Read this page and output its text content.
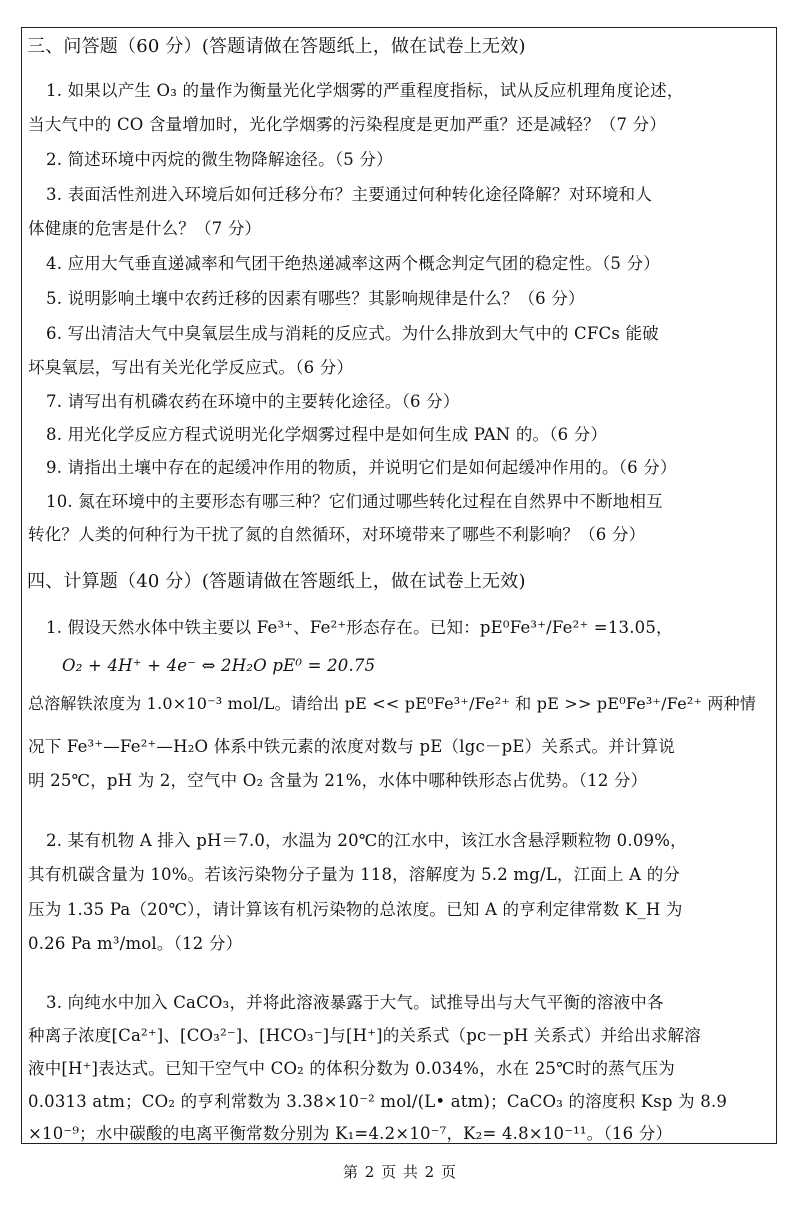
三、问答题（60 分）(答题请做在答题纸上，做在试卷上无效)
1. 如果以产生 O₃ 的量作为衡量光化学烟雾的严重程度指标，试从反应机理角度论述，
当大气中的 CO 含量增加时，光化学烟雾的污染程度是更加严重？还是减轻？（7 分）
2. 简述环境中丙烷的微生物降解途径。（5 分）
3. 表面活性剂进入环境后如何迁移分布？主要通过何种转化途径降解？对环境和人
体健康的危害是什么？（7 分）
4. 应用大气垂直递减率和气团干绝热递减率这两个概念判定气团的稳定性。（5 分）
5. 说明影响土壤中农药迁移的因素有哪些？其影响规律是什么？（6 分）
6. 写出清洁大气中臭氧层生成与消耗的反应式。为什么排放到大气中的 CFCs 能破
坏臭氧层，写出有关光化学反应式。（6 分）
7. 请写出有机磷农药在环境中的主要转化途径。（6 分）
8. 用光化学反应方程式说明光化学烟雾过程中是如何生成 PAN 的。（6 分）
9. 请指出土壤中存在的起缓冲作用的物质，并说明它们是如何起缓冲作用的。（6 分）
10. 氮在环境中的主要形态有哪三种？它们通过哪些转化过程在自然界中不断地相互
转化？人类的何种行为干扰了氮的自然循环，对环境带来了哪些不利影响？（6 分）
四、计算题（40 分）(答题请做在答题纸上，做在试卷上无效)
1. 假设天然水体中铁主要以 Fe³⁺、Fe²⁺形态存在。已知：pE⁰Fe³⁺/Fe²⁺ =13.05，
O₂ + 4H⁺ + 4e⁻ ⇔ 2H₂O pE⁰ = 20.75
总溶解铁浓度为 1.0×10⁻³ mol/L。请给出 pE << pE⁰Fe³⁺/Fe²⁺ 和 pE >> pE⁰Fe³⁺/Fe²⁺ 两种情
况下 Fe³⁺—Fe²⁺—H₂O 体系中铁元素的浓度对数与 pE（lgc－pE）关系式。并计算说
明 25℃，pH 为 2，空气中 O₂ 含量为 21%，水体中哪种铁形态占优势。（12 分）
2. 某有机物 A 排入 pH＝7.0，水温为 20℃的江水中，该江水含悬浮颗粒物 0.09%，
其有机碳含量为 10%。若该污染物分子量为 118，溶解度为 5.2 mg/L，江面上 A 的分
压为 1.35 Pa（20℃），请计算该有机污染物的总浓度。已知 A 的亨利定律常数 K_H 为
0.26 Pa m³/mol。（12 分）
3. 向纯水中加入 CaCO₃，并将此溶液暴露于大气。试推导出与大气平衡的溶液中各
种离子浓度[Ca²⁺]、[CO₃²⁻]、[HCO₃⁻]与[H⁺]的关系式（pc－pH 关系式）并给出求解溶
液中[H⁺]表达式。已知干空气中 CO₂ 的体积分数为 0.034%，水在 25℃时的蒸气压为
0.0313 atm；CO₂ 的亨利常数为 3.38×10⁻² mol/(L• atm)；CaCO₃ 的溶度积 Ksp 为 8.9
×10⁻⁹；水中碳酸的电离平衡常数分别为 K₁=4.2×10⁻⁷，K₂= 4.8×10⁻¹¹。（16 分）
第 2 页 共 2 页
